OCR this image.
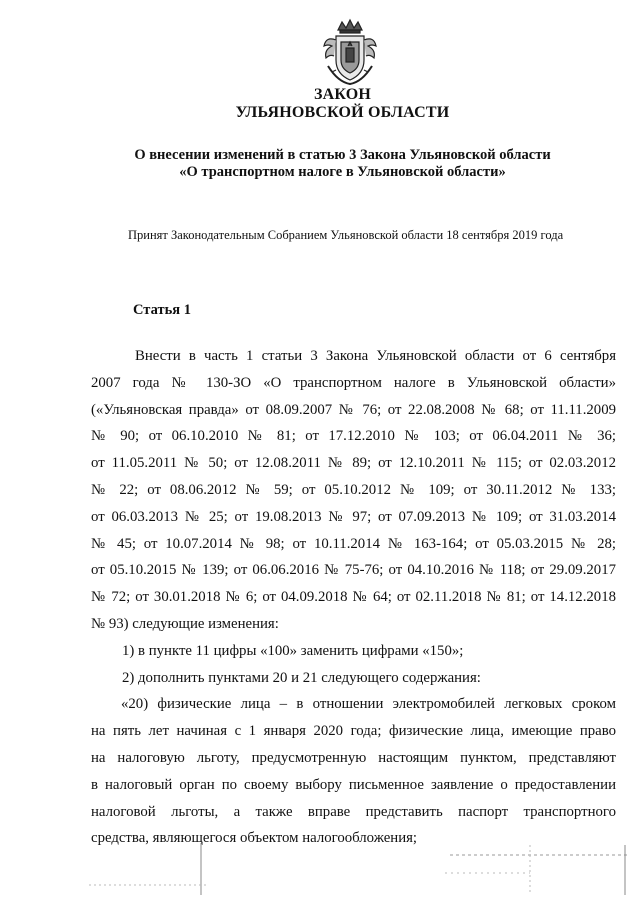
ЗАКОН
УЛЬЯНОВСКОЙ ОБЛАСТИ
О внесении изменений в статью 3 Закона Ульяновской области
«О транспортном налоге в Ульяновской области»
Принят Законодательным Собранием Ульяновской области 18 сентября 2019 года
Статья 1

Внести в часть 1 статьи 3 Закона Ульяновской области от 6 сентября

2007 года № 130-ЗО «О транспортном налоге в Ульяновской области»

(«Ульяновская правда» от 08.09.2007 № 76; от 22.08.2008 № 68; от 11.11.2009

№ 90; от 06.10.2010 № 81; от 17.12.2010 № 103; от 06.04.2011 № 36;

от 11.05.2011 № 50; от 12.08.2011 № 89; от 12.10.2011 № 115; от 02.03.2012

№ 22; от 08.06.2012 № 59; от 05.10.2012 № 109; от 30.11.2012 № 133;

от 06.03.2013 № 25; от 19.08.2013 № 97; от 07.09.2013 № 109; от 31.03.2014

№ 45; от 10.07.2014 № 98; от 10.11.2014 № 163-164; от 05.03.2015 № 28;

от 05.10.2015 № 139; от 06.06.2016 № 75-76; от 04.10.2016 № 118; от 29.09.2017

№ 72; от 30.01.2018 № 6; от 04.09.2018 № 64; от 02.11.2018 № 81; от 14.12.2018

№ 93) следующие изменения:

1) в пункте 11 цифры «100» заменить цифрами «150»;

2) дополнить пунктами 20 и 21 следующего содержания:

«20) физические лица – в отношении электромобилей легковых сроком

на пять лет начиная с 1 января 2020 года; физические лица, имеющие право

на налоговую льготу, предусмотренную настоящим пунктом, представляют

в налоговый орган по своему выбору письменное заявление о предоставлении

налоговой льготы, а также вправе представить паспорт транспортного

средства, являющегося объектом налогообложения;
